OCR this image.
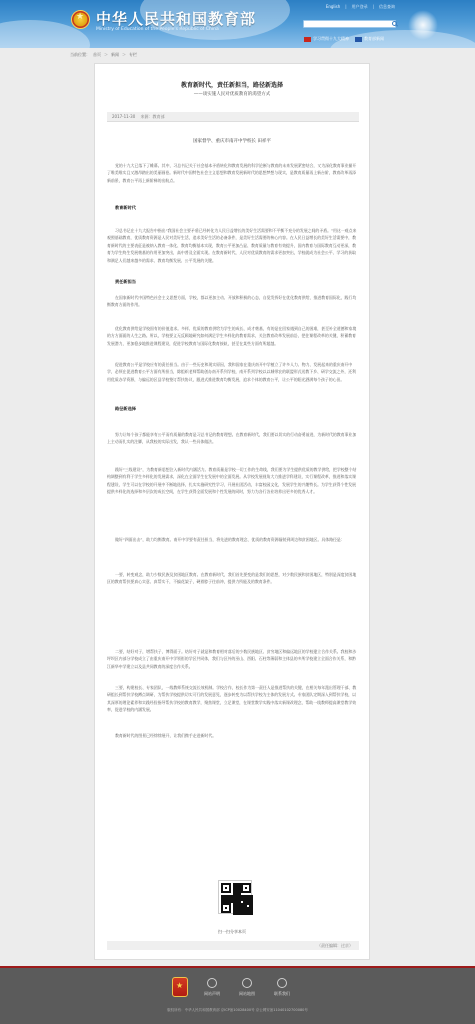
★
中华人民共和国教育部
Ministry of Education of the People's Republic of China
English | 用户登录 | 信息查询
学习贯彻十九大精神	教育部新闻
当前位置： 首页 ＞ 新闻 ＞ 专栏
教育新时代，责任新担当，路径新选择
——谈实施人民对优质教育的渴望方式
2017-11-30 来源：教育部
国家督学、重庆市南开中学校长 田祥平
党的十九大已落下了帷幕。其中，习总书记关于社会基本矛盾转化和教育发展的科学论断与教育的未来发展紧密结合，又为深化教育事业描开了唯美唯实且又激昂踏出的美丽画卷。新时代中国特色社会主义思想和教育发展新时代的思想梦想与现实，是教育质量再上新台阶，教育改革再添新前景，教育公平再上新阶梯的出航点。
教育新时代
习总书记在十九大报告中指出“我国社会主要矛盾已经转化为人民日益增长的美好生活需要和不平衡不充分的发展之间的矛盾。”用这一观点来观照基础教育，优质教育资源是人民对美好生活，追求美好生活的必备条件，是美好生活需要的核心内容。在人民日益增长的美好生活需要中，教育新时代的主要表征是被纳入教育一体化、教育均衡基本实现，教育公平更加凸显、教育质量与教育有效提升，国内教育与国际教育互动更深，教育为学生终生发展奠基的作用更加突出，高中普及全面实现。在教育新时代，人民对优质教育的需求更加突出，学校就成为社会公平、学习的获取和满足人们越来越多的需求、教育均衡发展、公平发展的关键。
责任新担当
在国家新时代中国特色社会主义思想方面，学校，都以更加主动、开放和积极的心态，自觉发挥好在优化教育供给，推进教育国际化，践行均衡教育方面的作用。
优化教育供给是学校固有的价值追求。多样、优质的教育供给为学生的成长、成才奠基，有的是在回家遇到自己的困难，甚至补全道德和家境的方方面面的人生之路。所以，学校要义无反顾地研究如何满足学生多样化的教育需求，关注教育改革发展前沿，把住课程改革的关键，积蓄教育发展潜力，更加稳步地推进课程建设，促进学校教育与国际化教育接轨，甚至在某些方面有所超越。
促进教育公平是学校应有的责任担当。由于一些历史和现实原因，我和国家在重庆南开中学植立了许多人力、物力、发展起来的重庆南开中学，必须在促进教育公平方面有所担当，除组织老师帮助创办南开系列学校，南开系列学校以以城带农的联盟形式送教下乡、研学交流之外，还利用优质办学资源，与偏远的区县学校签订帮扶协议，跟进式推进教育均衡发展，追求个体的教育公平，让公平的阳光洒满每个孩子的心田。
路径新选择
努力让每个孩子都能享有公平而有质量的教育是习总书记的教育理想。在教育新时代，我们要以切实的行动奋勇前进，为新时代的教育事业加上主动而扎实的注脚，从我校的实际出发，我认一些具体做法。
践好“三线建设”，为教育新思想注入新时代内涵活力。教育质量是学校一切工作的生命线，我们要为学生提供优质的教学供给，把学校整个结构调整到有利于学生多样化的发展需求，深化在全面学生在发展中的全面发展。从学校发展视角大力推进学科建设，实行课程改革，推进和落实课程建设，学生可以在学校的开展中不断地选择，扎实实施研究性学习，开展社团活动，丰富校园文化，发展学生的兴趣特长。为学生获得个性发展提供多样化的选择和多层次的成长空间，在学生获得全面发展和个性发展的同时，努力为各行各业培养出更多的优秀人才。
做好“四面出击”，助力均衡教育。南开中学要有责任担当，将先进的教育理念、优质的教育资源辐射到周边和贫困地区。具体路径是：
一要，转变观念，助力少数民族及贫困地区教育。在教育新时代，我们首先要变的是我们的思想，对少数民族和贫困地区，特别是深度贫困地区的教育帮扶要真心实意、真帮实干，不搞花架子，硬着脖子往前冲，提供力所能及的教育条件。
二要，结好对子，增帮扶子，博得面子。结好对子就是和教育相对落后的少数民族地区、贫穷地区和偏远地区的学校建立合作关系。我校和沙坪坝区内部分学校成立了由重庆南开中学领衔的学区共同体，我们与区外的巫山、酉阳、石柱等薄弱和主体县的多所学校建立全面合作关系，和黔江新华中学建立以及县共同教育的深度合作关系。
三要，构建校长、专家团队，一线教师系统交流长效机制。学校合作，校长作为第一责任人是推进帮扶的关键，在相关每年派出管理干部、教研组长到帮扶学校蹲点调研，为帮扶学校提供切实可行的发展意见，逐步转变为以帮扶学校为主体的发展方式。专家团队定期深入到帮扶学校，以其深厚的理论素养和实践经验指导帮扶学校的教育教学，聚焦课堂，立足课堂，在课堂教学实践中落实新课改理念，帮助一线教师提高课堂教学效率，促进学校的内涵发展。
教育新时代的图景已经徐徐展开，让我们携手走进新时代。
扫一扫分享本页
（责任编辑：过京）
★
网站声明	网站地图	联系我们
版权所有：中华人民共和国教育部 京ICP备10028400号 京公网安备11040102700080号
